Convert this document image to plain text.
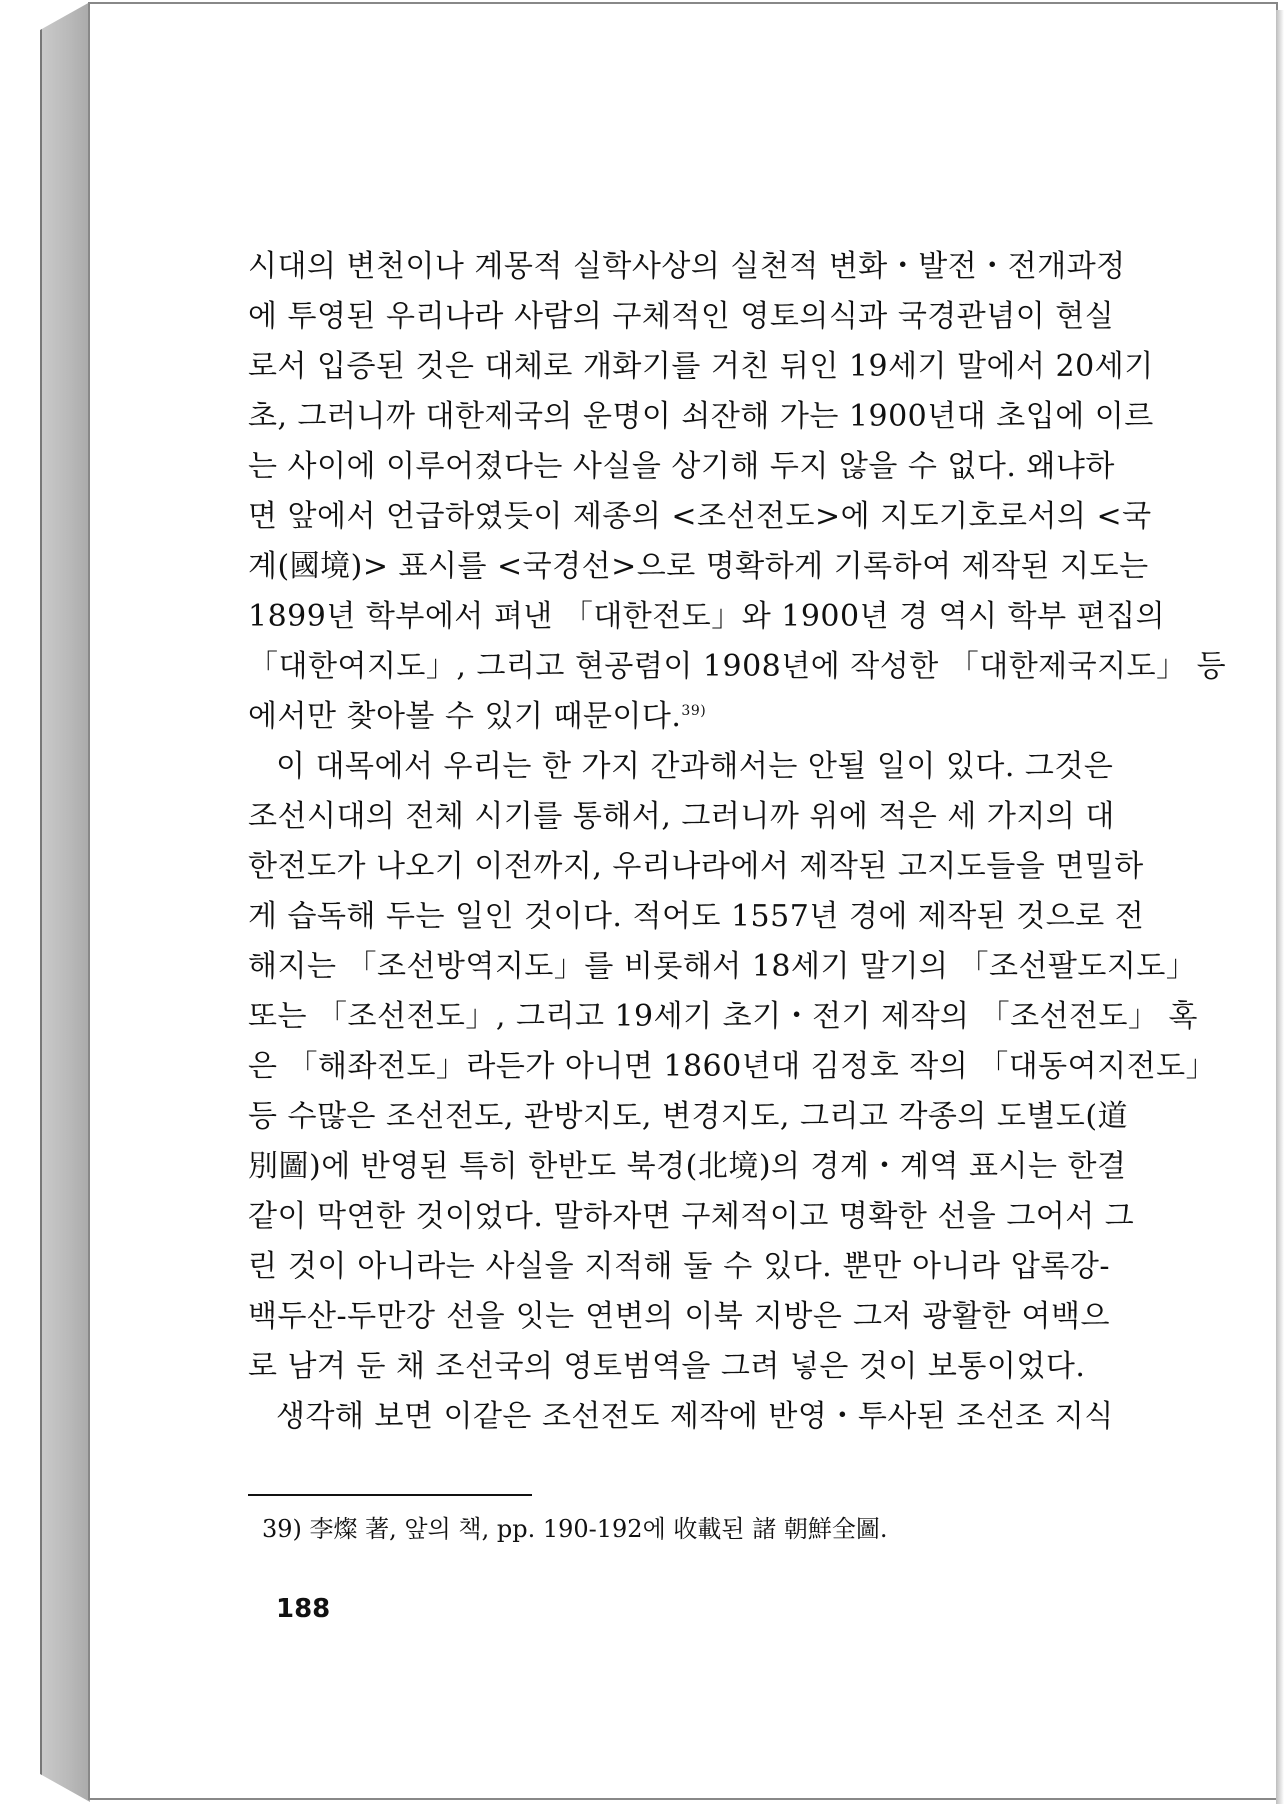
시대의 변천이나 계몽적 실학사상의 실천적 변화・발전・전개과정
에 투영된 우리나라 사람의 구체적인 영토의식과 국경관념이 현실
로서 입증된 것은 대체로 개화기를 거친 뒤인 19세기 말에서 20세기
초, 그러니까 대한제국의 운명이 쇠잔해 가는 1900년대 초입에 이르
는 사이에 이루어졌다는 사실을 상기해 두지 않을 수 없다. 왜냐하
면 앞에서 언급하였듯이 제종의 <조선전도>에 지도기호로서의 <국
계(國境)> 표시를 <국경선>으로 명확하게 기록하여 제작된 지도는
1899년 학부에서 펴낸 「대한전도」와 1900년 경 역시 학부 편집의
「대한여지도」, 그리고 현공렴이 1908년에 작성한 「대한제국지도」 등
에서만 찾아볼 수 있기 때문이다.$^{39)}$
이 대목에서 우리는 한 가지 간과해서는 안될 일이 있다. 그것은
조선시대의 전체 시기를 통해서, 그러니까 위에 적은 세 가지의 대
한전도가 나오기 이전까지, 우리나라에서 제작된 고지도들을 면밀하
게 습독해 두는 일인 것이다. 적어도 1557년 경에 제작된 것으로 전
해지는 「조선방역지도」를 비롯해서 18세기 말기의 「조선팔도지도」
또는 「조선전도」, 그리고 19세기 초기・전기 제작의 「조선전도」 혹
은 「해좌전도」라든가 아니면 1860년대 김정호 작의 「대동여지전도」
등 수많은 조선전도, 관방지도, 변경지도, 그리고 각종의 도별도(道
別圖)에 반영된 특히 한반도 북경(北境)의 경계・계역 표시는 한결
같이 막연한 것이었다. 말하자면 구체적이고 명확한 선을 그어서 그
린 것이 아니라는 사실을 지적해 둘 수 있다. 뿐만 아니라 압록강-
백두산-두만강 선을 잇는 연변의 이북 지방은 그저 광활한 여백으
로 남겨 둔 채 조선국의 영토범역을 그려 넣은 것이 보통이었다.
생각해 보면 이같은 조선전도 제작에 반영・투사된 조선조 지식
39) 李燦 著, 앞의 책, pp. 190-192에 收載된 諸 朝鮮全圖.
188
